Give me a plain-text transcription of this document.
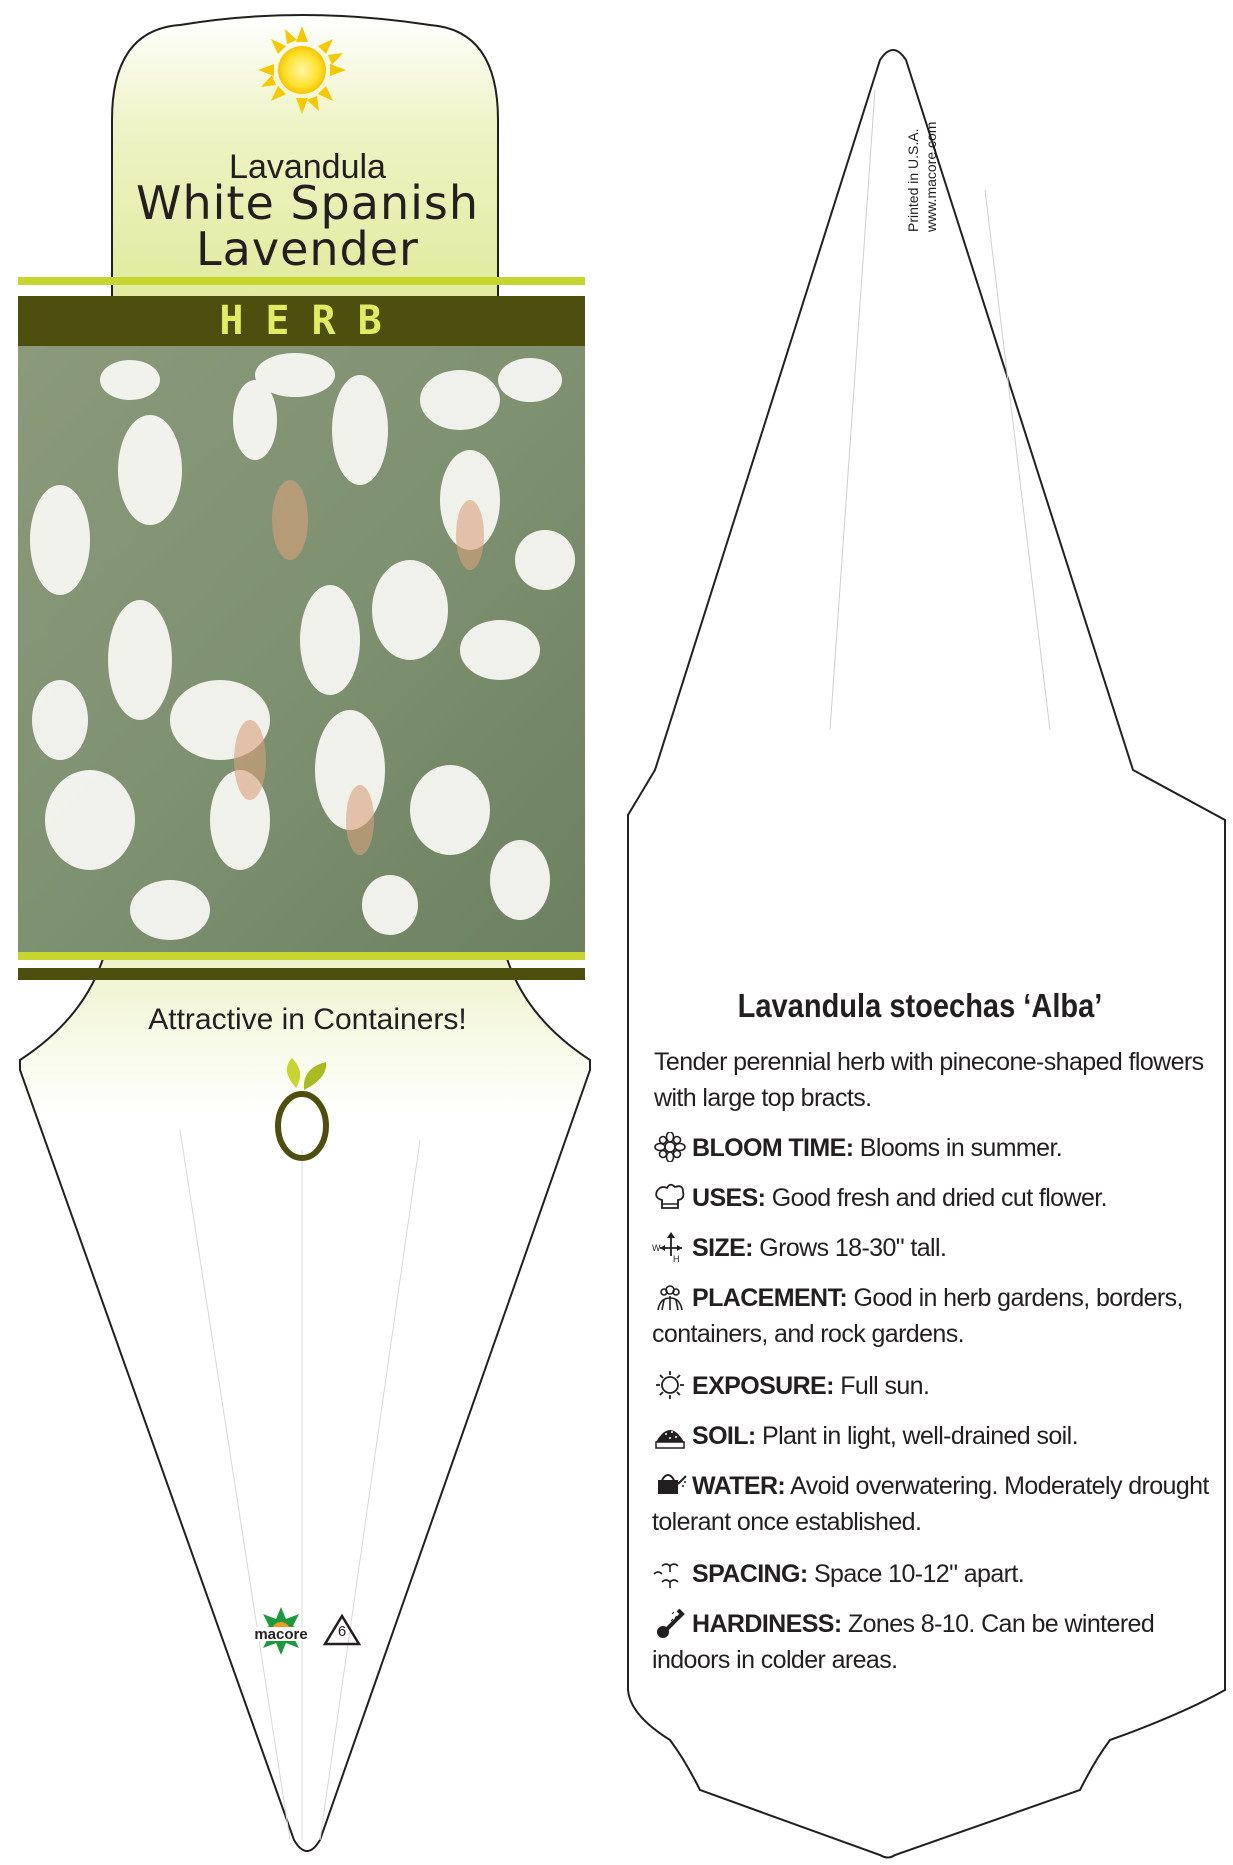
Lavandula
White Spanish
Lavender
HERB
Attractive in Containers!
macore	6
Printed in U.S.A. www.macore.com
Lavandula stoechas ‘Alba’
Tender perennial herb with pinecone-shaped flowers with large top bracts.
BLOOM TIME: Blooms in summer.
USES: Good fresh and dried cut flower.
W
H SIZE: Grows 18-30" tall.
PLACEMENT: Good in herb gardens, borders, containers, and rock gardens.
EXPOSURE: Full sun.
SOIL: Plant in light, well-drained soil.
WATER: Avoid overwatering. Moderately drought tolerant once established.
SPACING: Space 10-12" apart.
HARDINESS: Zones 8-10. Can be wintered indoors in colder areas.
